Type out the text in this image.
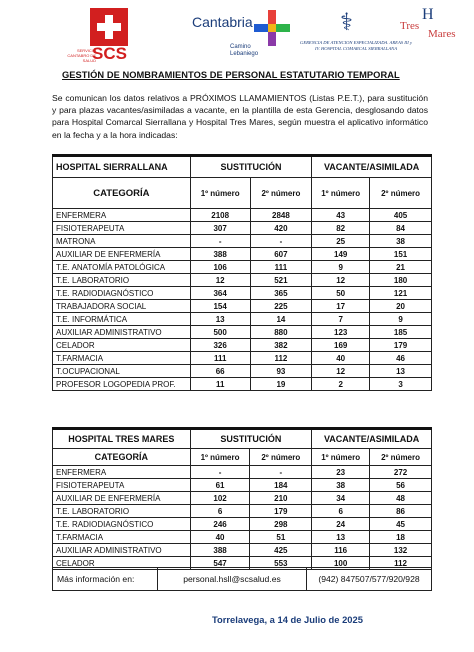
SERVICIO CANTABRO DE SALUD
SCS
Cantabria
Camino
Lebaniego
⚕
GERENCIA DE ATENCION ESPECIALIZADA. AREAS III y IV. HOSPITAL COMARCAL SIERRALLANA
H
Tres
Mares
GESTIÓN DE NOMBRAMIENTOS DE PERSONAL ESTATUTARIO TEMPORAL
Se comunican los datos relativos a PRÓXIMOS LLAMAMIENTOS (Listas P.E.T.), para sustitución y para plazas vacantes/asimiladas a vacante, en la plantilla de esta Gerencia, desglosando datos para Hospital Comarcal Sierrallana y Hospital Tres Mares, según muestra el aplicativo informático en la fecha y a la hora indicadas:
HOSPITAL SIERRALLANA	SUSTITUCIÓN		VACANTE/ASIMILADA	
CATEGORÍA	1º número	2º número	1º número	2º número
ENFERMERA	2108	2848	43	405
FISIOTERAPEUTA	307	420	82	84
MATRONA	-	-	25	38
AUXILIAR DE ENFERMERÍA	388	607	149	151
T.E. ANATOMÍA PATOLÓGICA	106	111	9	21
T.E. LABORATORIO	12	521	12	180
T.E. RADIODIAGNÓSTICO	364	365	50	121
TRABAJADORA SOCIAL	154	225	17	20
T.E. INFORMÁTICA	13	14	7	9
AUXILIAR ADMINISTRATIVO	500	880	123	185
CELADOR	326	382	169	179
T.FARMACIA	111	112	40	46
T.OCUPACIONAL	66	93	12	13
PROFESOR LOGOPEDIA PROF.	11	19	2	3
HOSPITAL TRES MARES	SUSTITUCIÓN		VACANTE/ASIMILADA	
CATEGORÍA	1º número	2º número	1º número	2º número
ENFERMERA	-	-	23	272
FISIOTERAPEUTA	61	184	38	56
AUXILIAR DE ENFERMERÍA	102	210	34	48
T.E. LABORATORIO	6	179	6	86
T.E. RADIODIAGNÓSTICO	246	298	24	45
T.FARMACIA	40	51	13	18
AUXILIAR ADMINISTRATIVO	388	425	116	132
CELADOR	547	553	100	112
Más información en:	personal.hsll@scsalud.es	(942) 847507/577/920/928
Torrelavega, a 14 de Julio de 2025
